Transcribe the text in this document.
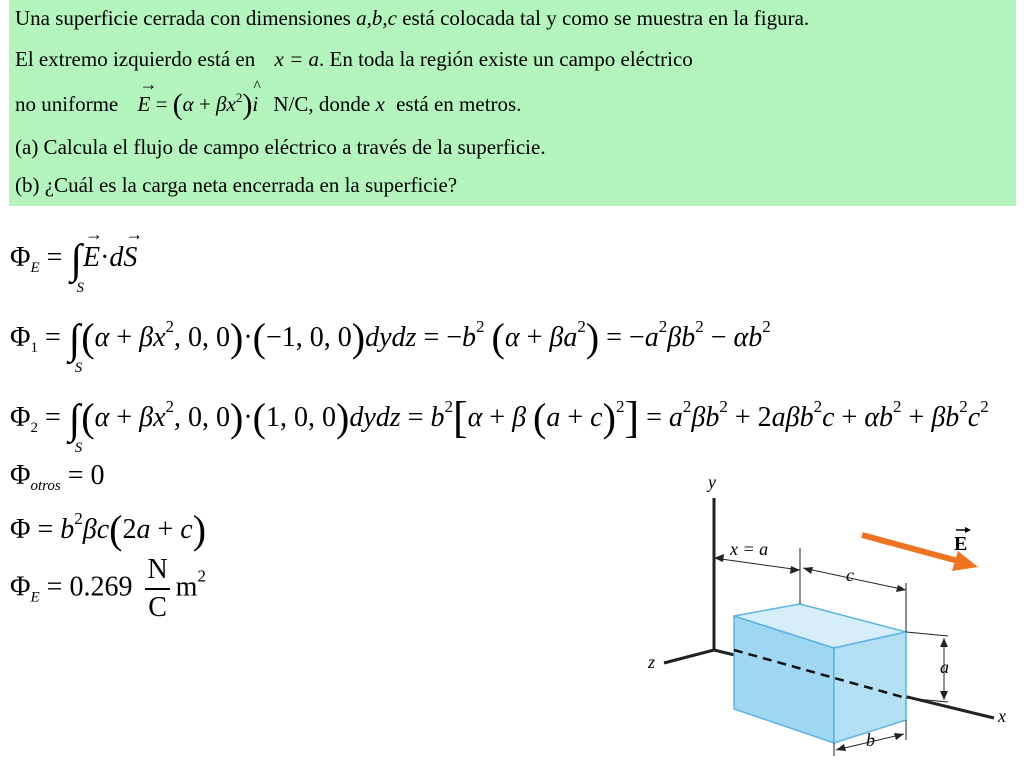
Una superficie cerrada con dimensiones a,b,c está colocada tal y como se muestra en la figura.
El extremo izquierdo está en x = a. En toda la región existe un campo eléctrico
no uniforme → $E = (\alpha + \beta x^2)\^{}$ i N/C, donde x está en metros.
(a) Calcula el flujo de campo eléctrico a través de la superficie.
(b) ¿Cuál es la carga neta encerrada en la superficie?
$\Phi_E$ = ∫
S
→ E·d→ S
$\Phi_1$ = ∫
S
($\alpha + \beta x^2$, 0, 0)·(−1, 0, 0)dydz = $-b^2$ $(\alpha + \beta a^2) = -a^2\beta b^2 - \alpha b^2$
$\Phi_2$ = ∫
S
($\alpha + \beta x^2$, 0, 0)·(1, 0, 0)dydz = $b^2[\alpha + \beta$ $(a + c)^2] = a^2\beta b^2 + 2a\beta b^2c + \alpha b^2 + \beta b^2c^2$
$\Phi_{otros} = 0$
$\Phi = b^2\beta c(2a + c)$
$\Phi_E = 0.269 \frac{N}{C} m^2$
y
z
x
x = a
c
a
b
E
